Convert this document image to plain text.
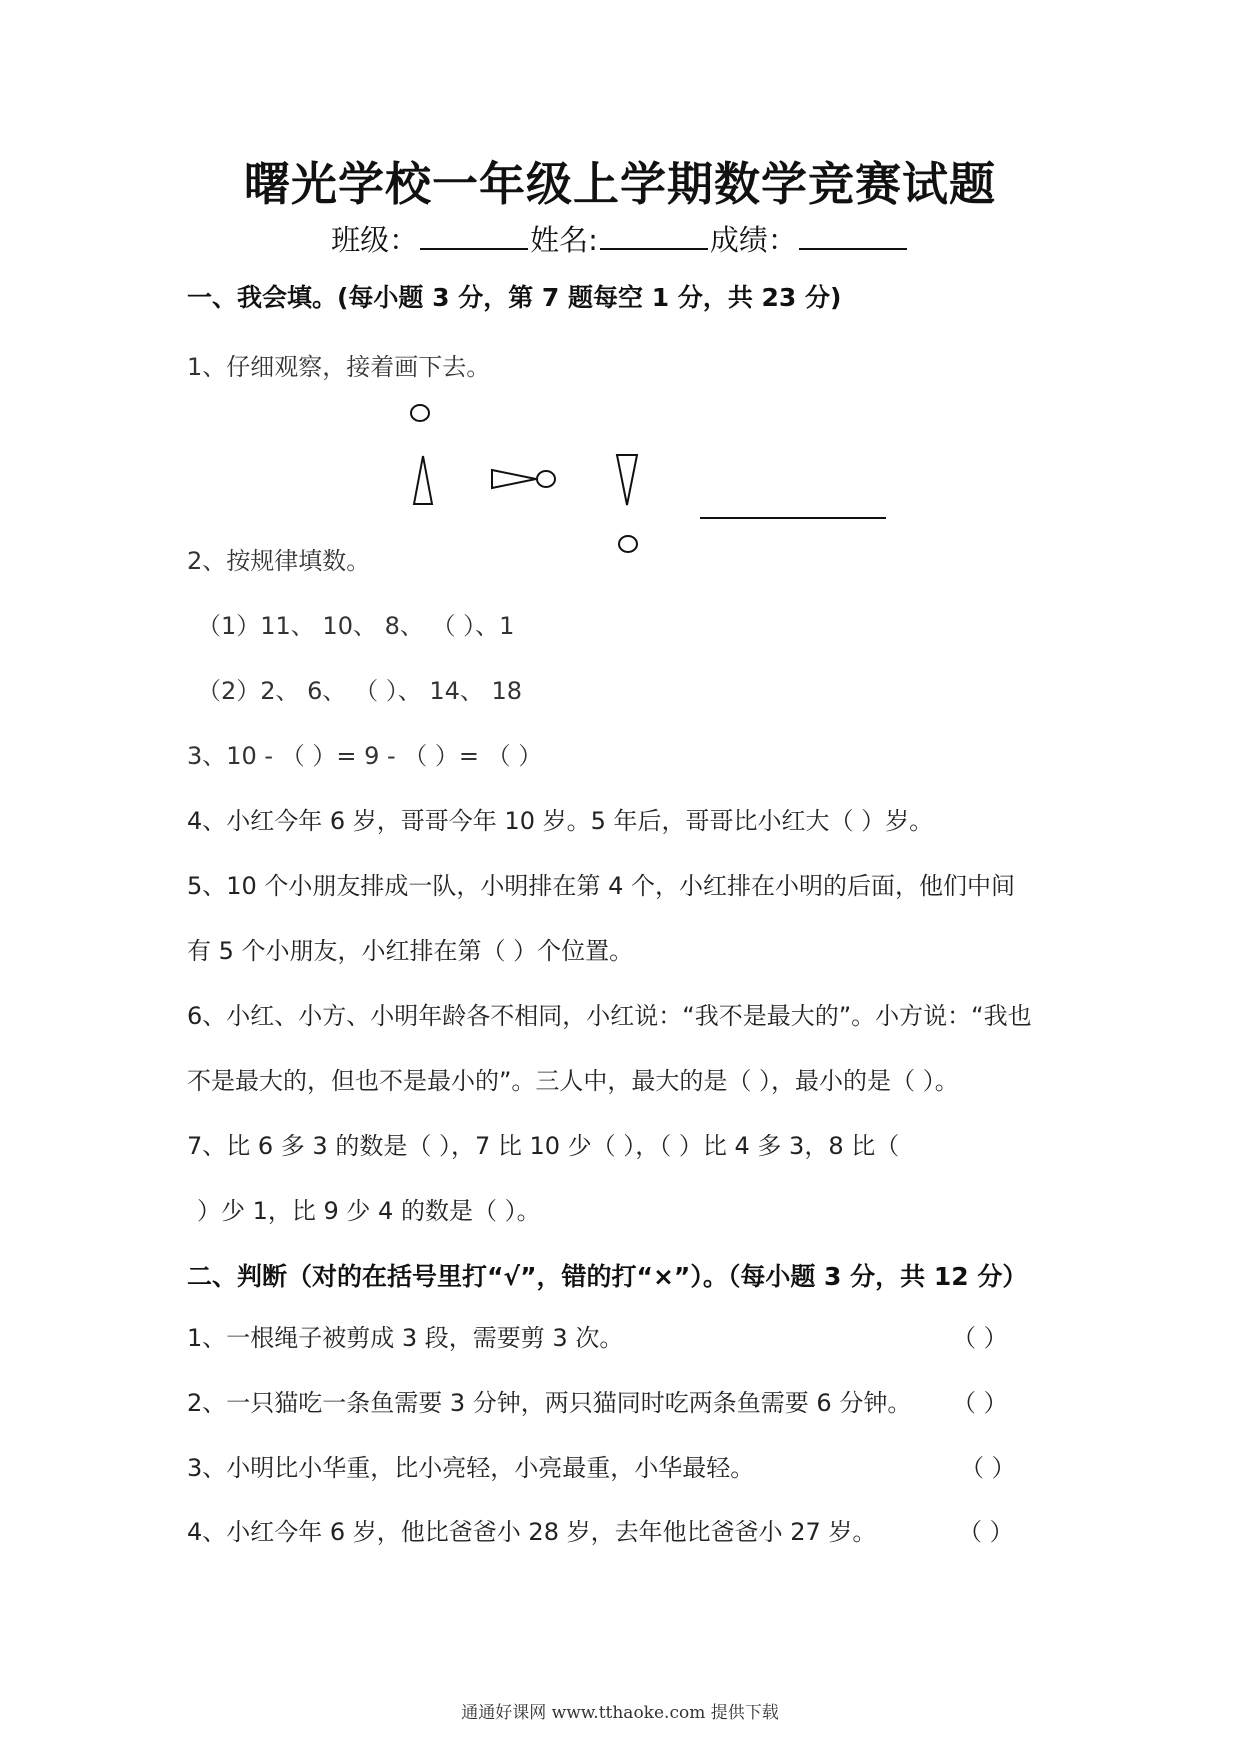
曙光学校一年级上学期数学竞赛试题
班级：	姓名:	成绩：
一、我会填。(每小题 3 分，第 7 题每空 1 分，共 23 分)
1、仔细观察，接着画下去。
2、按规律填数。
（1）11、 10、 8、 （ ）、1
（2）2、 6、 （ ）、 14、 18
3、10 - （ ）= 9 - （ ）= （ ）
4、小红今年 6 岁，哥哥今年 10 岁。5 年后，哥哥比小红大（ ）岁。
5、10 个小朋友排成一队，小明排在第 4 个，小红排在小明的后面，他们中间
有 5 个小朋友，小红排在第（ ）个位置。
6、小红、小方、小明年龄各不相同，小红说：“我不是最大的”。小方说：“我也
不是最大的，但也不是最小的”。三人中，最大的是（ ），最小的是（ ）。
7、比 6 多 3 的数是（ ），7 比 10 少（ ），（ ）比 4 多 3，8 比（
）少 1，比 9 少 4 的数是（ ）。
二、判断（对的在括号里打“√”，错的打“×”）。（每小题 3 分，共 12 分）
1、一根绳子被剪成 3 段，需要剪 3 次。	（ ）
2、一只猫吃一条鱼需要 3 分钟，两只猫同时吃两条鱼需要 6 分钟。 （ ）
3、小明比小华重，比小亮轻，小亮最重，小华最轻。	（ ）
4、小红今年 6 岁，他比爸爸小 28 岁，去年他比爸爸小 27 岁。	（ ）
通通好课网 www.tthaoke.com 提供下载
